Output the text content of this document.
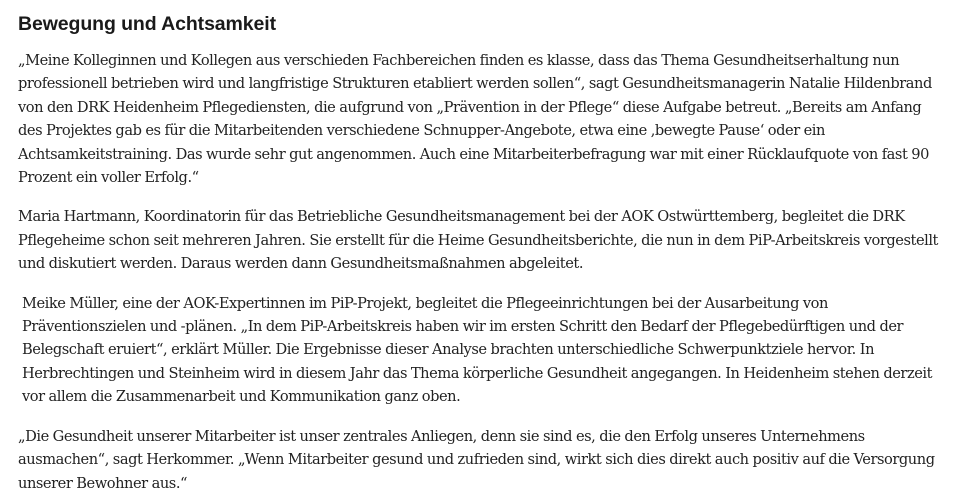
Bewegung und Achtsamkeit

„Meine Kolleginnen und Kollegen aus verschieden Fachbereichen finden es klasse, dass das Thema Gesundheitserhaltung nun professionell betrieben wird und langfristige Strukturen etabliert werden sollen“, sagt Gesundheitsmanagerin Natalie Hildenbrand von den DRK Heidenheim Pflegediensten, die aufgrund von „Prävention in der Pflege“ diese Aufgabe betreut. „Bereits am Anfang des Projektes gab es für die Mitarbeitenden verschiedene Schnupper-Angebote, etwa eine ‚bewegte Pause‘ oder ein Achtsamkeitstraining. Das wurde sehr gut angenommen. Auch eine Mitarbeiterbefragung war mit einer Rücklaufquote von fast 90 Prozent ein voller Erfolg.“

Maria Hartmann, Koordinatorin für das Betriebliche Gesundheitsmanagement bei der AOK Ostwürttemberg, begleitet die DRK Pflegeheime schon seit mehreren Jahren. Sie erstellt für die Heime Gesundheitsberichte, die nun in dem PiP-Arbeitskreis vorgestellt und diskutiert werden. Daraus werden dann Gesundheitsmaßnahmen abgeleitet.

Meike Müller, eine der AOK-Expertinnen im PiP-Projekt, begleitet die Pflegeeinrichtungen bei der Ausarbeitung von Präventionszielen und -plänen. „In dem PiP-Arbeitskreis haben wir im ersten Schritt den Bedarf der Pflegebedürftigen und der Belegschaft eruiert“, erklärt Müller. Die Ergebnisse dieser Analyse brachten unterschiedliche Schwerpunktziele hervor. In Herbrechtingen und Steinheim wird in diesem Jahr das Thema körperliche Gesundheit angegangen. In Heidenheim stehen derzeit vor allem die Zusammenarbeit und Kommunikation ganz oben.

„Die Gesundheit unserer Mitarbeiter ist unser zentrales Anliegen, denn sie sind es, die den Erfolg unseres Unternehmens ausmachen“, sagt Herkommer. „Wenn Mitarbeiter gesund und zufrieden sind, wirkt sich dies direkt auch positiv auf die Versorgung unserer Bewohner aus.“
